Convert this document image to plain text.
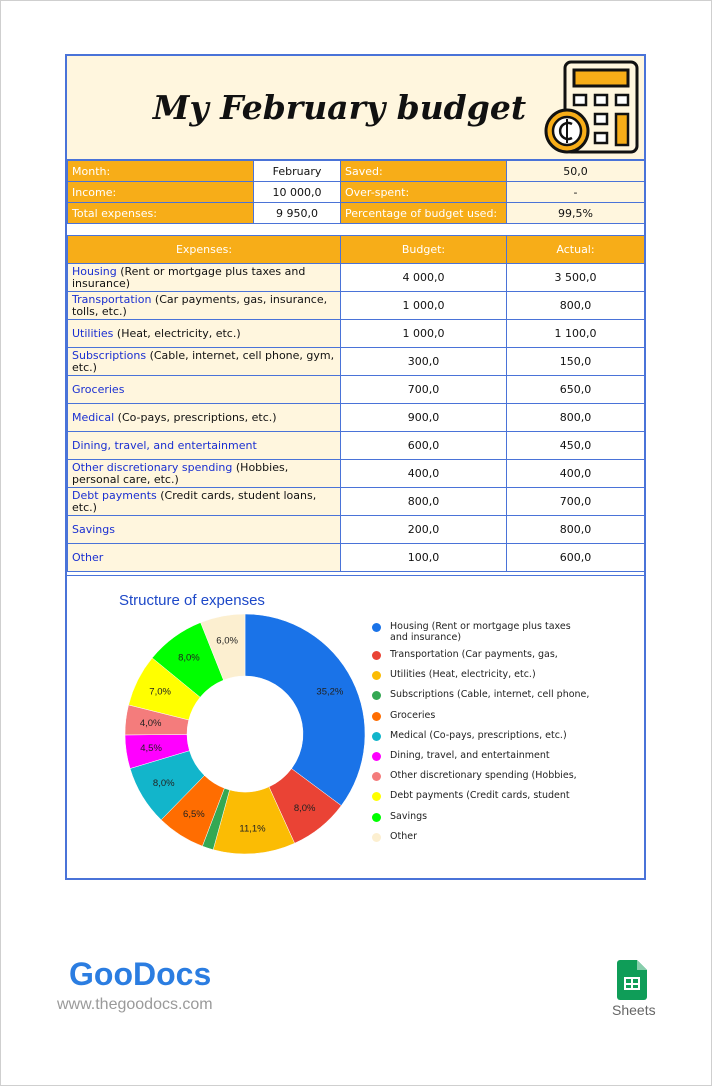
My February budget
Month:	February	Saved:	50,0
Income:	10 000,0	Over-spent:	-
Total expenses:	9 950,0	Percentage of budget used:	99,5%
Expenses:	Budget:	Actual:
Housing (Rent or mortgage plus taxes and insurance)	4 000,0	3 500,0
Transportation (Car payments, gas, insurance, tolls, etc.)	1 000,0	800,0
Utilities (Heat, electricity, etc.)	1 000,0	1 100,0
Subscriptions (Cable, internet, cell phone, gym, etc.)	300,0	150,0
Groceries	700,0	650,0
Medical (Co-pays, prescriptions, etc.)	900,0	800,0
Dining, travel, and entertainment	600,0	450,0
Other discretionary spending (Hobbies, personal care, etc.)	400,0	400,0
Debt payments (Credit cards, student loans, etc.)	800,0	700,0
Savings	200,0	800,0
Other	100,0	600,0
Structure of expenses
35,2%
8,0%
11,1%
6,5%
8,0%
4,5%
4,0%
7,0%
8,0%
6,0%
Housing (Rent or mortgage plus taxes and insurance)
Transportation (Car payments, gas,
Utilities (Heat, electricity, etc.)
Subscriptions (Cable, internet, cell phone,
Groceries
Medical (Co-pays, prescriptions, etc.)
Dining, travel, and entertainment
Other discretionary spending (Hobbies,
Debt payments (Credit cards, student
Savings
Other
GooDocs
www.thegoodocs.com	Sheets
